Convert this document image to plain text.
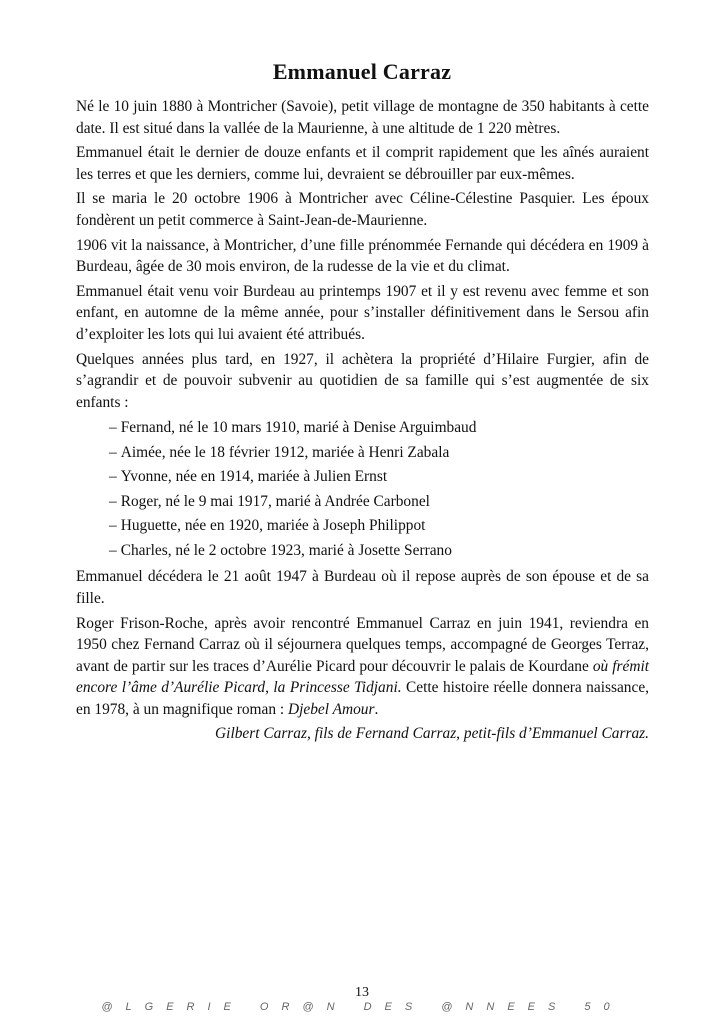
Emmanuel Carraz

Né le 10 juin 1880 à Montricher (Savoie), petit village de montagne de 350 habitants à cette date. Il est situé dans la vallée de la Maurienne, à une altitude de 1 220 mètres.

Emmanuel était le dernier de douze enfants et il comprit rapidement que les aînés auraient les terres et que les derniers, comme lui, devraient se débrouiller par eux-mêmes.

Il se maria le 20 octobre 1906 à Montricher avec Céline-Célestine Pasquier. Les époux fondèrent un petit commerce à Saint-Jean-de-Maurienne.

1906 vit la naissance, à Montricher, d’une fille prénommée Fernande qui décédera en 1909 à Burdeau, âgée de 30 mois environ, de la rudesse de la vie et du climat.

Emmanuel était venu voir Burdeau au printemps 1907 et il y est revenu avec femme et son enfant, en automne de la même année, pour s’installer définitivement dans le Sersou afin d’exploiter les lots qui lui avaient été attribués.

Quelques années plus tard, en 1927, il achètera la propriété d’Hilaire Furgier, afin de s’agrandir et de pouvoir subvenir au quotidien de sa famille qui s’est augmentée de six enfants :

– Fernand, né le 10 mars 1910, marié à Denise Arguimbaud
– Aimée, née le 18 février 1912, mariée à Henri Zabala
– Yvonne, née en 1914, mariée à Julien Ernst
– Roger, né le 9 mai 1917, marié à Andrée Carbonel
– Huguette, née en 1920, mariée à Joseph Philippot
– Charles, né le 2 octobre 1923, marié à Josette Serrano

Emmanuel décédera le 21 août 1947 à Burdeau où il repose auprès de son épouse et de sa fille.

Roger Frison-Roche, après avoir rencontré Emmanuel Carraz en juin 1941, reviendra en 1950 chez Fernand Carraz où il séjournera quelques temps, accompagné de Georges Terraz, avant de partir sur les traces d’Aurélie Picard pour découvrir le palais de Kourdane où frémit encore l’âme d’Aurélie Picard, la Princesse Tidjani. Cette histoire réelle donnera naissance, en 1978, à un magnifique roman : Djebel Amour.

Gilbert Carraz, fils de Fernand Carraz, petit-fils d’Emmanuel Carraz.

13
@LGERIE OR@N DES @NNEES 50
